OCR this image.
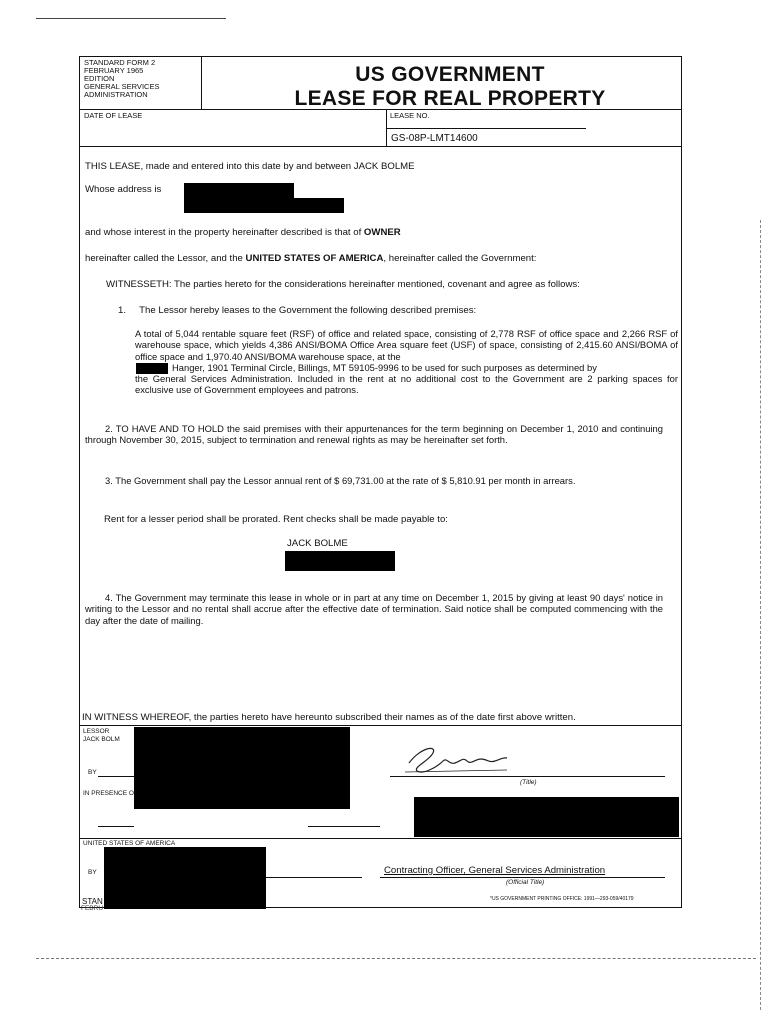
STANDARD FORM 2
FEBRUARY 1965
EDITION
GENERAL SERVICES
ADMINISTRATION
US GOVERNMENT
LEASE FOR REAL PROPERTY
DATE OF LEASE	LEASE NO.
GS-08P-LMT14600
THIS LEASE, made and entered into this date by and between JACK BOLME
Whose address is
and whose interest in the property hereinafter described is that of OWNER
hereinafter called the Lessor, and the UNITED STATES OF AMERICA, hereinafter called the Government:
WITNESSETH: The parties hereto for the considerations hereinafter mentioned, covenant and agree as follows:
1. The Lessor hereby leases to the Government the following described premises:
A total of 5,044 rentable square feet (RSF) of office and related space, consisting of 2,778 RSF of office space and 2,266 RSF of warehouse space, which yields 4,386 ANSI/BOMA Office Area square feet (USF) of space, consisting of 2,415.60 ANSI/BOMA of office space and 1,970.40 ANSI/BOMA warehouse space, at the
Hanger, 1901 Terminal Circle, Billings, MT 59105-9996 to be used for such purposes as determined by
the General Services Administration. Included in the rent at no additional cost to the Government are 2 parking spaces for exclusive use of Government employees and patrons.
2. TO HAVE AND TO HOLD the said premises with their appurtenances for the term beginning on December 1, 2010 and continuing through November 30, 2015, subject to termination and renewal rights as may be hereinafter set forth.
3. The Government shall pay the Lessor annual rent of $ 69,731.00 at the rate of $ 5,810.91 per month in arrears.
Rent for a lesser period shall be prorated. Rent checks shall be made payable to:
JACK BOLME
4. The Government may terminate this lease in whole or in part at any time on December 1, 2015 by giving at least 90 days' notice in writing to the Lessor and no rental shall accrue after the effective date of termination. Said notice shall be computed commencing with the day after the date of mailing.
IN WITNESS WHEREOF, the parties hereto have hereunto subscribed their names as of the date first above written.
LESSOR
JACK BOLM
BY
(Title)
IN PRESENCE OF
UNITED STATES OF AMERICA
BY	Contracting Officer, General Services Administration
(Official Title)
STAN
FEBRU
*US GOVERNMENT PRINTING OFFICE: 1991—293-059/40179
